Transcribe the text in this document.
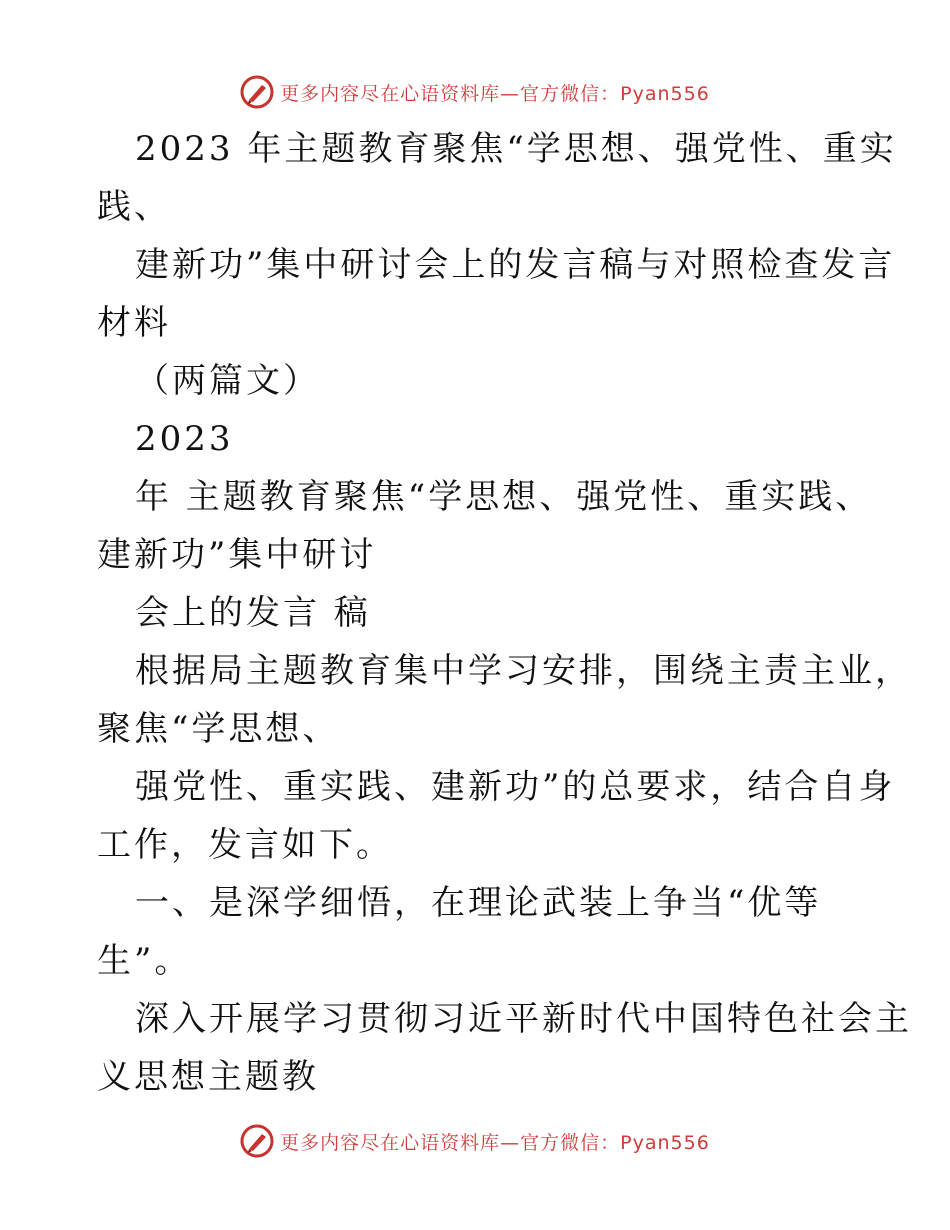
更多内容尽在心语资料库—官方微信：Pyan556

2023 年主题教育聚焦“学思想、强党性、重实

践、

建新功”集中研讨会上的发言稿与对照检查发言

材料

（两篇文）

2023

年 主题教育聚焦“学思想、强党性、重实践、

建新功”集中研讨

会上的发言 稿

根据局主题教育集中学习安排，围绕主责主业，

聚焦“学思想、

强党性、重实践、建新功”的总要求，结合自身

工作，发言如下。

一、是深学细悟，在理论武装上争当“优等

生”。

深入开展学习贯彻习近平新时代中国特色社会主

义思想主题教

更多内容尽在心语资料库—官方微信：Pyan556
